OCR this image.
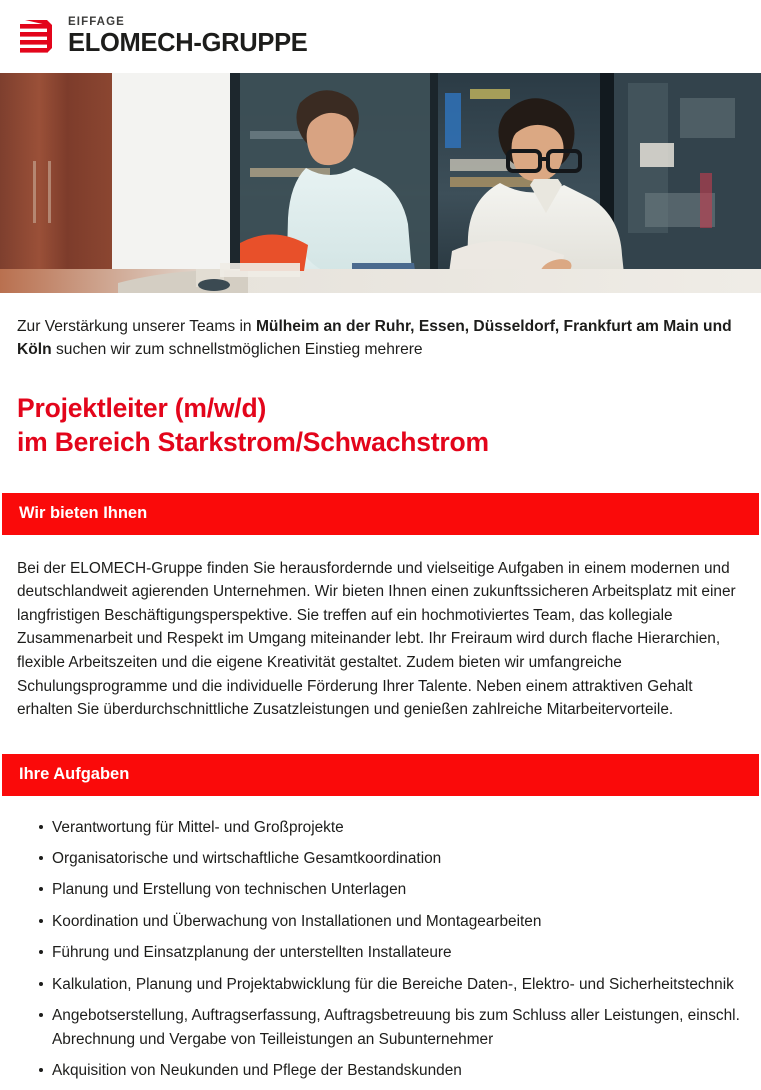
EIFFAGE
ELOMECH-GRUPPE

Zur Verstärkung unserer Teams in Mülheim an der Ruhr, Essen, Düsseldorf, Frankfurt am Main und Köln suchen wir zum schnellstmöglichen Einstieg mehrere

Projektleiter (m/w/d)
im Bereich Starkstrom/Schwachstrom
Wir bieten Ihnen

Bei der ELOMECH-Gruppe finden Sie herausfordernde und vielseitige Aufgaben in einem modernen und deutschlandweit agierenden Unternehmen. Wir bieten Ihnen einen zukunftssicheren Arbeitsplatz mit einer langfristigen Beschäftigungsperspektive. Sie treffen auf ein hochmotiviertes Team, das kollegiale Zusammenarbeit und Respekt im Umgang miteinander lebt. Ihr Freiraum wird durch flache Hierarchien, flexible Arbeitszeiten und die eigene Kreativität gestaltet. Zudem bieten wir umfangreiche Schulungsprogramme und die individuelle Förderung Ihrer Talente. Neben einem attraktiven Gehalt erhalten Sie überdurchschnittliche Zusatzleistungen und genießen zahlreiche Mitarbeitervorteile.

Ihre Aufgaben
Verantwortung für Mittel- und Großprojekte
Organisatorische und wirtschaftliche Gesamtkoordination
Planung und Erstellung von technischen Unterlagen
Koordination und Überwachung von Installationen und Montagearbeiten
Führung und Einsatzplanung der unterstellten Installateure
Kalkulation, Planung und Projektabwicklung für die Bereiche Daten-, Elektro- und Sicherheitstechnik
Angebotserstellung, Auftragserfassung, Auftragsbetreuung bis zum Schluss aller Leistungen, einschl. Abrechnung und Vergabe von Teilleistungen an Subunternehmer
Akquisition von Neukunden und Pflege der Bestandskunden
